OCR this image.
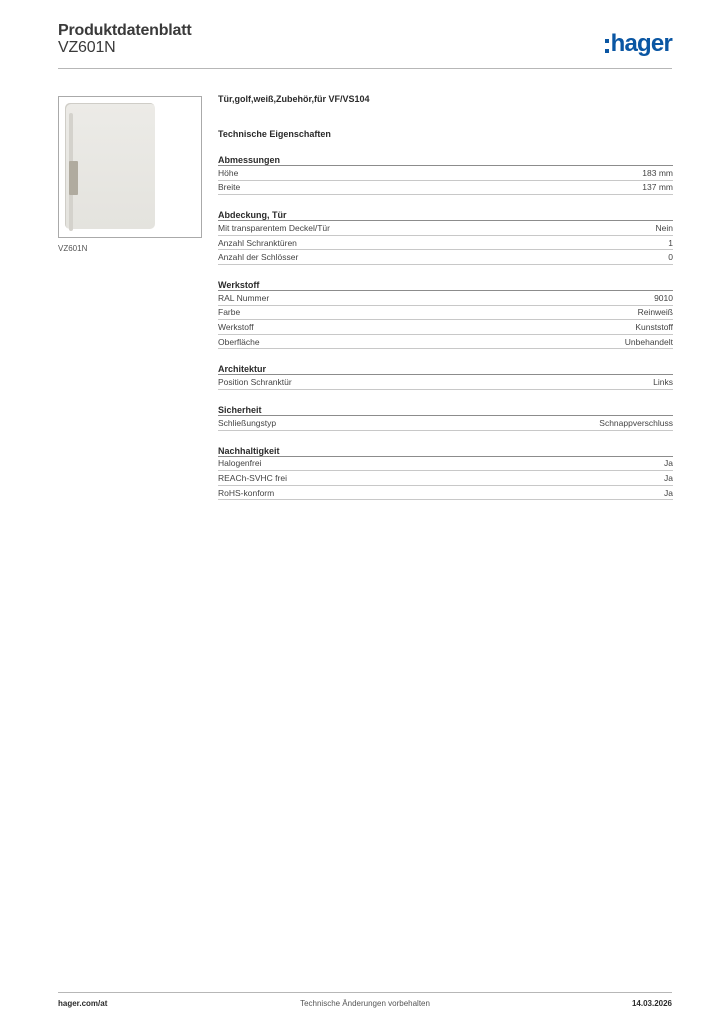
Produktdatenblatt
VZ601N	hager
VZ601N
Tür,golf,weiß,Zubehör,für VF/VS104
Technische Eigenschaften
Abmessungen
Höhe	183 mm
Breite	137 mm
Abdeckung, Tür
Mit transparentem Deckel/Tür	Nein
Anzahl Schranktüren	1
Anzahl der Schlösser	0
Werkstoff
RAL Nummer	9010
Farbe	Reinweiß
Werkstoff	Kunststoff
Oberfläche	Unbehandelt
Architektur
Position Schranktür	Links
Sicherheit
Schließungstyp	Schnappverschluss
Nachhaltigkeit
Halogenfrei	Ja
REACh-SVHC frei	Ja
RoHS-konform	Ja
hager.com/at	Technische Änderungen vorbehalten	14.03.2026
